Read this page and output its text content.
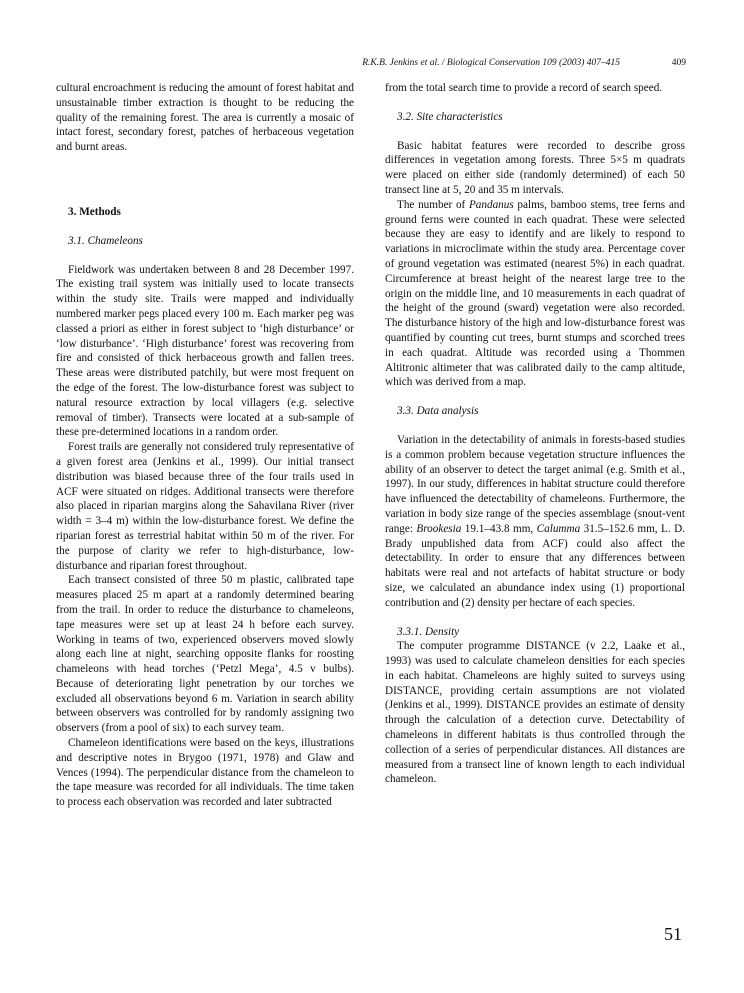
R.K.B. Jenkins et al. / Biological Conservation 109 (2003) 407–415	409

cultural encroachment is reducing the amount of forest habitat and unsustainable timber extraction is thought to be reducing the quality of the remaining forest. The area is currently a mosaic of intact forest, secondary forest, patches of herbaceous vegetation and burnt areas.

3. Methods

3.1. Chameleons

Fieldwork was undertaken between 8 and 28 December 1997. The existing trail system was initially used to locate transects within the study site. Trails were mapped and individually numbered marker pegs placed every 100 m. Each marker peg was classed a priori as either in forest subject to ‘high disturbance’ or ‘low disturbance’. ‘High disturbance’ forest was recovering from fire and consisted of thick herbaceous growth and fallen trees. These areas were distributed patchily, but were most frequent on the edge of the forest. The low-disturbance forest was subject to natural resource extraction by local villagers (e.g. selective removal of timber). Transects were located at a sub-sample of these pre-determined locations in a random order.

Forest trails are generally not considered truly representative of a given forest area (Jenkins et al., 1999). Our initial transect distribution was biased because three of the four trails used in ACF were situated on ridges. Additional transects were therefore also placed in riparian margins along the Sahavilana River (river width = 3–4 m) within the low-disturbance forest. We define the riparian forest as terrestrial habitat within 50 m of the river. For the purpose of clarity we refer to high-disturbance, low-disturbance and riparian forest throughout.

Each transect consisted of three 50 m plastic, calibrated tape measures placed 25 m apart at a randomly determined bearing from the trail. In order to reduce the disturbance to chameleons, tape measures were set up at least 24 h before each survey. Working in teams of two, experienced observers moved slowly along each line at night, searching opposite flanks for roosting chameleons with head torches (‘Petzl Mega’, 4.5 v bulbs). Because of deteriorating light penetration by our torches we excluded all observations beyond 6 m. Variation in search ability between observers was controlled for by randomly assigning two observers (from a pool of six) to each survey team.

Chameleon identifications were based on the keys, illustrations and descriptive notes in Brygoo (1971, 1978) and Glaw and Vences (1994). The perpendicular distance from the chameleon to the tape measure was recorded for all individuals. The time taken to process each observation was recorded and later subtracted

from the total search time to provide a record of search speed.

3.2. Site characteristics

Basic habitat features were recorded to describe gross differences in vegetation among forests. Three 5×5 m quadrats were placed on either side (randomly determined) of each 50 transect line at 5, 20 and 35 m intervals.

The number of Pandanus palms, bamboo stems, tree ferns and ground ferns were counted in each quadrat. These were selected because they are easy to identify and are likely to respond to variations in microclimate within the study area. Percentage cover of ground vegetation was estimated (nearest 5%) in each quadrat. Circumference at breast height of the nearest large tree to the origin on the middle line, and 10 measurements in each quadrat of the height of the ground (sward) vegetation were also recorded. The disturbance history of the high and low-disturbance forest was quantified by counting cut trees, burnt stumps and scorched trees in each quadrat. Altitude was recorded using a Thommen Altitronic altimeter that was calibrated daily to the camp altitude, which was derived from a map.

3.3. Data analysis

Variation in the detectability of animals in forests-based studies is a common problem because vegetation structure influences the ability of an observer to detect the target animal (e.g. Smith et al., 1997). In our study, differences in habitat structure could therefore have influenced the detectability of chameleons. Furthermore, the variation in body size range of the species assemblage (snout-vent range: Brookesia 19.1–43.8 mm, Calumma 31.5–152.6 mm, L. D. Brady unpublished data from ACF) could also affect the detectability. In order to ensure that any differences between habitats were real and not artefacts of habitat structure or body size, we calculated an abundance index using (1) proportional contribution and (2) density per hectare of each species.

3.3.1. Density

The computer programme DISTANCE (v 2.2, Laake et al., 1993) was used to calculate chameleon densities for each species in each habitat. Chameleons are highly suited to surveys using DISTANCE, providing certain assumptions are not violated (Jenkins et al., 1999). DISTANCE provides an estimate of density through the calculation of a detection curve. Detectability of chameleons in different habitats is thus controlled through the collection of a series of perpendicular distances. All distances are measured from a transect line of known length to each individual chameleon.

51
